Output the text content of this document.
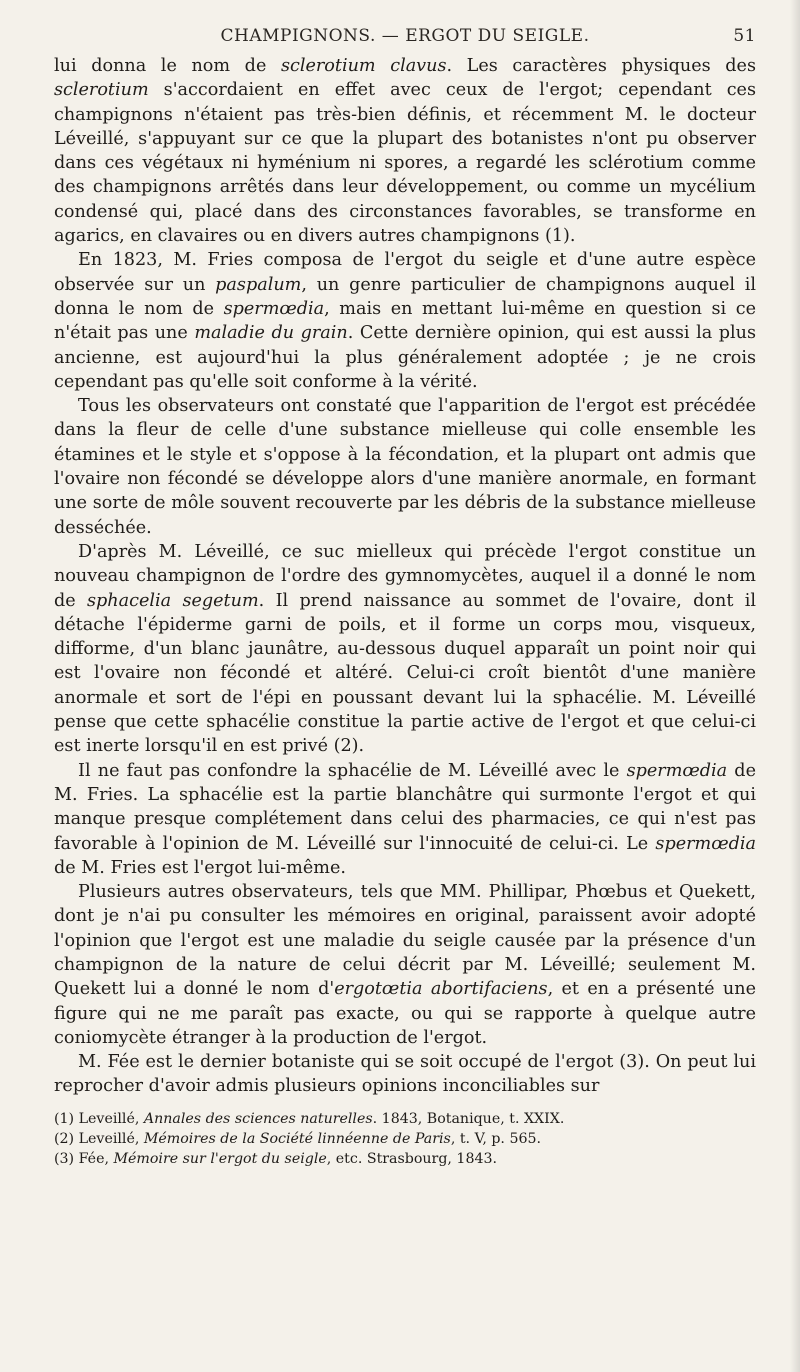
CHAMPIGNONS. — ERGOT DU SEIGLE.	51

lui donna le nom de sclerotium clavus. Les caractères physiques des sclerotium s'accordaient en effet avec ceux de l'ergot; cependant ces champignons n'étaient pas très-bien définis, et récemment M. le docteur Léveillé, s'appuyant sur ce que la plupart des botanistes n'ont pu observer dans ces végétaux ni hyménium ni spores, a regardé les sclérotium comme des champignons arrêtés dans leur développement, ou comme un mycélium condensé qui, placé dans des circonstances favorables, se transforme en agarics, en clavaires ou en divers autres champignons (1).

En 1823, M. Fries composa de l'ergot du seigle et d'une autre espèce observée sur un paspalum, un genre particulier de champignons auquel il donna le nom de spermœdia, mais en mettant lui-même en question si ce n'était pas une maladie du grain. Cette dernière opinion, qui est aussi la plus ancienne, est aujourd'hui la plus généralement adoptée ; je ne crois cependant pas qu'elle soit conforme à la vérité.

Tous les observateurs ont constaté que l'apparition de l'ergot est précédée dans la fleur de celle d'une substance mielleuse qui colle ensemble les étamines et le style et s'oppose à la fécondation, et la plupart ont admis que l'ovaire non fécondé se développe alors d'une manière anormale, en formant une sorte de môle souvent recouverte par les débris de la substance mielleuse desséchée.

D'après M. Léveillé, ce suc mielleux qui précède l'ergot constitue un nouveau champignon de l'ordre des gymnomycètes, auquel il a donné le nom de sphacelia segetum. Il prend naissance au sommet de l'ovaire, dont il détache l'épiderme garni de poils, et il forme un corps mou, visqueux, difforme, d'un blanc jaunâtre, au-dessous duquel apparaît un point noir qui est l'ovaire non fécondé et altéré. Celui-ci croît bientôt d'une manière anormale et sort de l'épi en poussant devant lui la sphacélie. M. Léveillé pense que cette sphacélie constitue la partie active de l'ergot et que celui-ci est inerte lorsqu'il en est privé (2).

Il ne faut pas confondre la sphacélie de M. Léveillé avec le spermœdia de M. Fries. La sphacélie est la partie blanchâtre qui surmonte l'ergot et qui manque presque complétement dans celui des pharmacies, ce qui n'est pas favorable à l'opinion de M. Léveillé sur l'innocuité de celui-ci. Le spermœdia de M. Fries est l'ergot lui-même.

Plusieurs autres observateurs, tels que MM. Phillipar, Phœbus et Quekett, dont je n'ai pu consulter les mémoires en original, paraissent avoir adopté l'opinion que l'ergot est une maladie du seigle causée par la présence d'un champignon de la nature de celui décrit par M. Léveillé; seulement M. Quekett lui a donné le nom d'ergotœtia abortifaciens, et en a présenté une figure qui ne me paraît pas exacte, ou qui se rapporte à quelque autre coniomycète étranger à la production de l'ergot.

M. Fée est le dernier botaniste qui se soit occupé de l'ergot (3). On peut lui reprocher d'avoir admis plusieurs opinions inconciliables sur

(1) Leveillé, Annales des sciences naturelles. 1843, Botanique, t. XXIX.
(2) Leveillé, Mémoires de la Société linnéenne de Paris, t. V, p. 565.
(3) Fée, Mémoire sur l'ergot du seigle, etc. Strasbourg, 1843.
